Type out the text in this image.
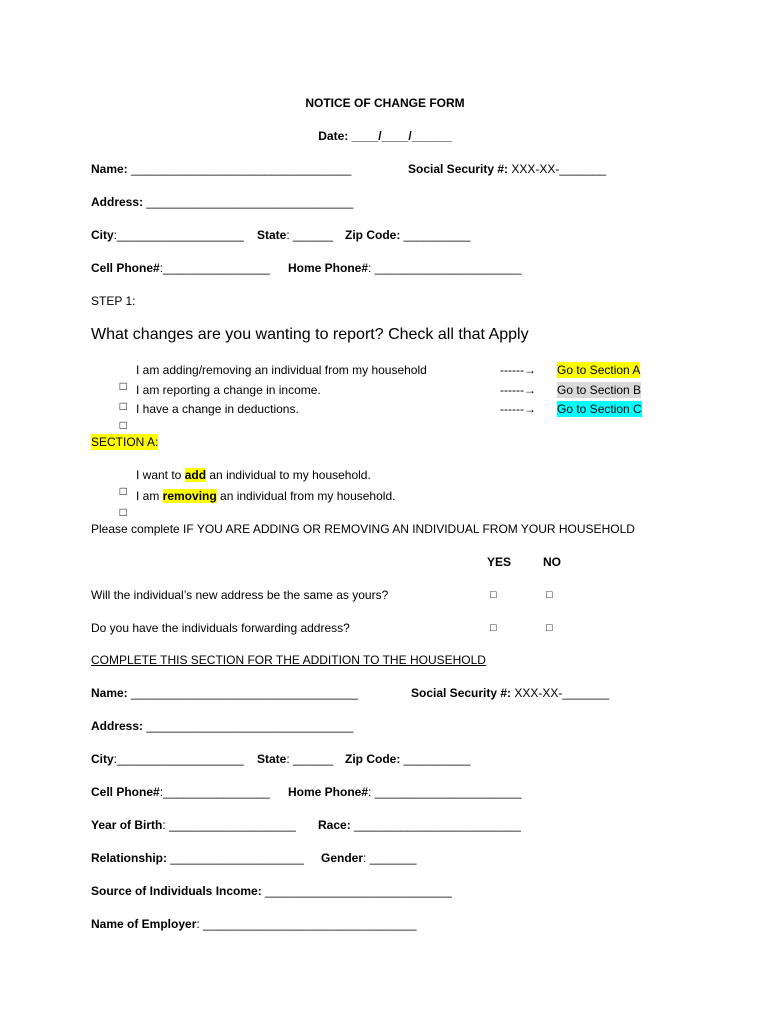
NOTICE OF CHANGE FORM
Date: ____/____/______
Name: _________________________________	Social Security #: XXX-XX-_______
Address: _______________________________
City:___________________ State: ______ Zip Code: __________
Cell Phone#:________________ Home Phone#: ______________________
STEP 1:
What changes are you wanting to report? Check all that Apply

□

I am adding/removing an individual from my household	------→ Go to Section A

□

I am reporting a change in income.	------→ Go to Section B

□

I have a change in deductions.	------→ Go to Section C
SECTION A:

□

I want to add an individual to my household.

□

I am removing an individual from my household.
Please complete IF YOU ARE ADDING OR REMOVING AN INDIVIDUAL FROM YOUR HOUSEHOLD
YES	NO
Will the individual’s new address be the same as yours?	□	□
Do you have the individuals forwarding address?	□	□
COMPLETE THIS SECTION FOR THE ADDITION TO THE HOUSEHOLD
Name: __________________________________	Social Security #: XXX-XX-_______
Address: _______________________________
City:___________________ State: ______ Zip Code: __________
Cell Phone#:________________ Home Phone#: ______________________
Year of Birth: ___________________ Race: _________________________
Relationship: ____________________ Gender: _______
Source of Individuals Income: ____________________________
Name of Employer: ________________________________
